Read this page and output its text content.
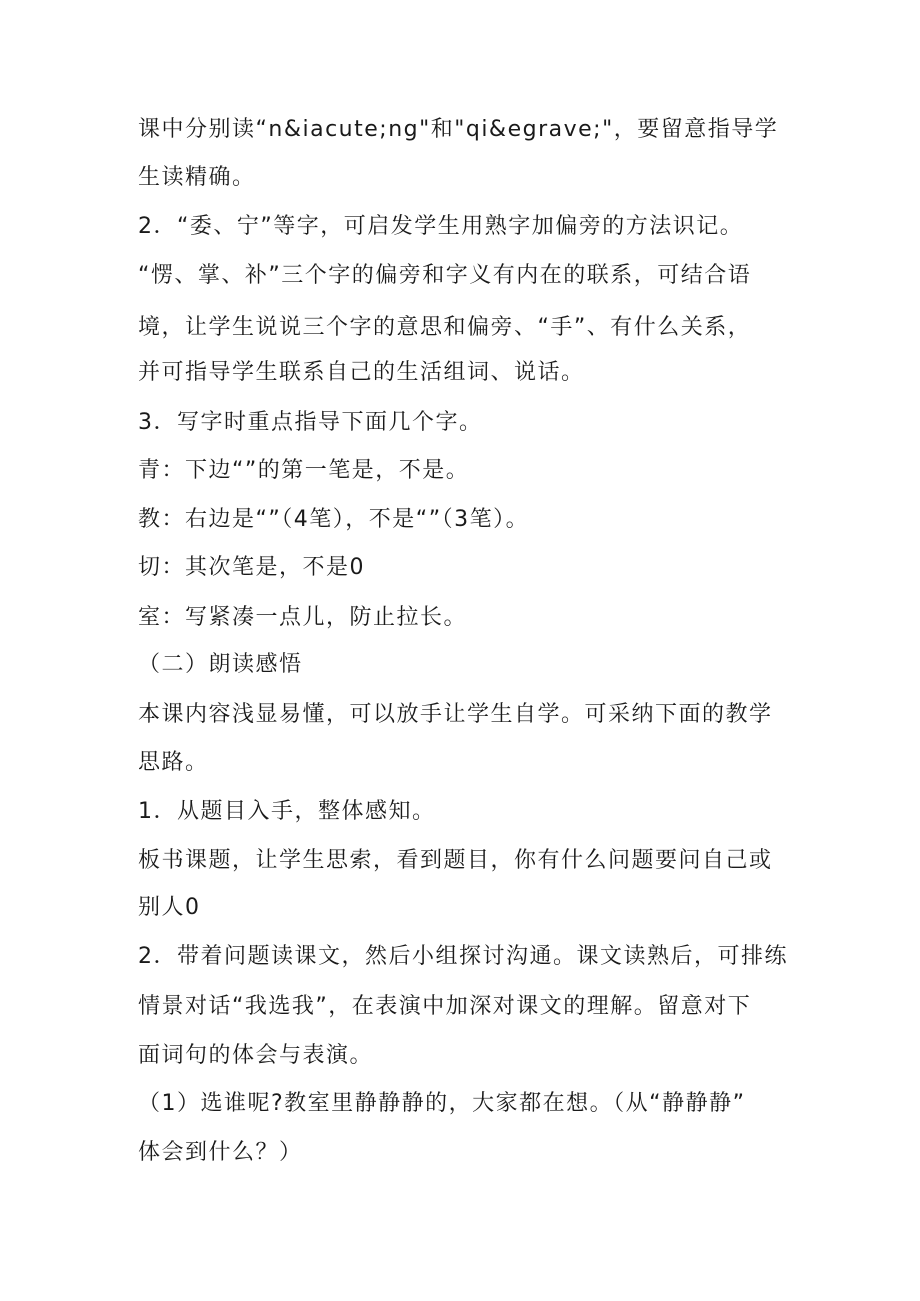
课中分别读“n&iacute;ng"和"qi&egrave;"，要留意指导学
生读精确。
2．“委、宁”等字，可启发学生用熟字加偏旁的方法识记。
“愣、掌、补”三个字的偏旁和字义有内在的联系，可结合语
境，让学生说说三个字的意思和偏旁、“手”、有什么关系，
并可指导学生联系自己的生活组词、说话。
3．写字时重点指导下面几个字。
青：下边“”的第一笔是，不是。
教：右边是“”（4笔），不是“”（3笔）。
切：其次笔是，不是0
室：写紧凑一点儿，防止拉长。
（二）朗读感悟
本课内容浅显易懂，可以放手让学生自学。可采纳下面的教学
思路。
1．从题目入手，整体感知。
板书课题，让学生思索，看到题目，你有什么问题要问自己或
别人0
2．带着问题读课文，然后小组探讨沟通。课文读熟后，可排练
情景对话“我选我”，在表演中加深对课文的理解。留意对下
面词句的体会与表演。
（1）选谁呢?教室里静静静的，大家都在想。（从“静静静”
体会到什么？）
